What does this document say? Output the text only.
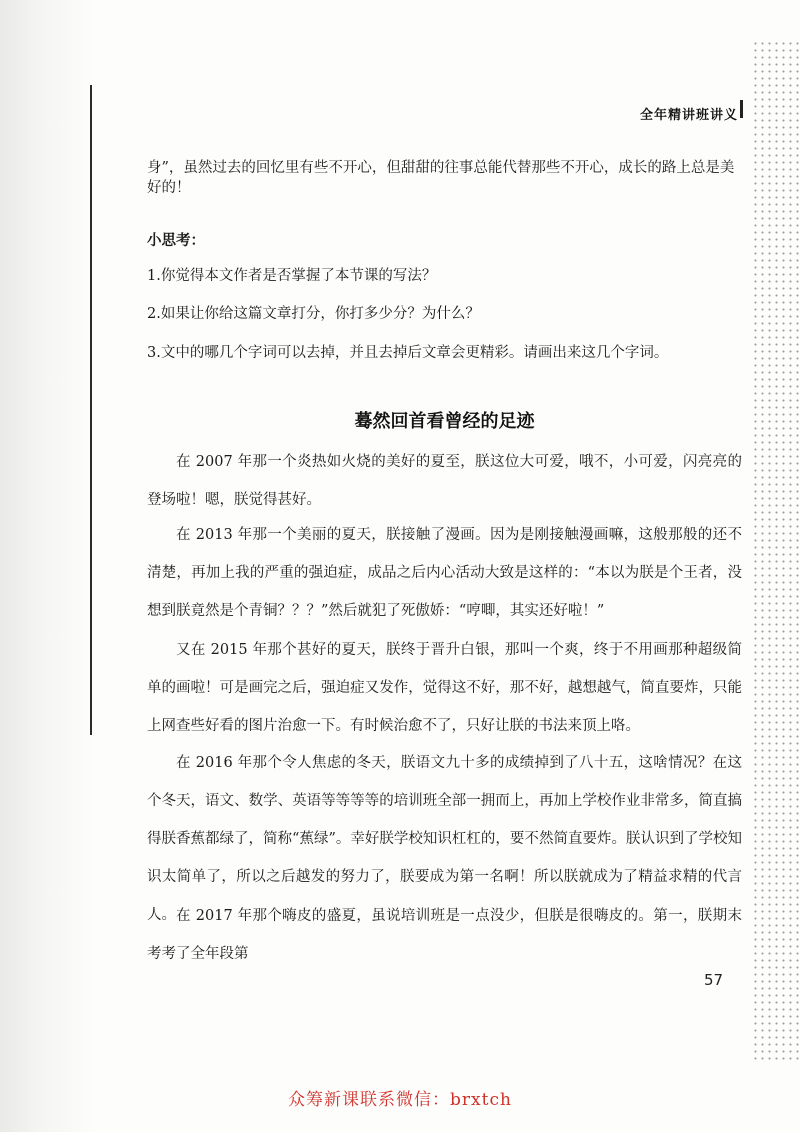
全年精讲班讲义

身”，虽然过去的回忆里有些不开心，但甜甜的往事总能代替那些不开心，成长的路上总是美好的！

小思考：

1.你觉得本文作者是否掌握了本节课的写法？

2.如果让你给这篇文章打分，你打多少分？为什么？

3.文中的哪几个字词可以去掉，并且去掉后文章会更精彩。请画出来这几个字词。

蓦然回首看曾经的足迹

在 2007 年那一个炎热如火烧的美好的夏至，朕这位大可爱，哦不，小可爱，闪亮亮的登场啦！嗯，朕觉得甚好。

在 2013 年那一个美丽的夏天，朕接触了漫画。因为是刚接触漫画嘛，这般那般的还不清楚，再加上我的严重的强迫症，成品之后内心活动大致是这样的：“本以为朕是个王者，没想到朕竟然是个青铜？？？”然后就犯了死傲娇：“哼唧，其实还好啦！”

又在 2015 年那个甚好的夏天，朕终于晋升白银，那叫一个爽，终于不用画那种超级简单的画啦！可是画完之后，强迫症又发作，觉得这不好，那不好，越想越气，简直要炸，只能上网查些好看的图片治愈一下。有时候治愈不了，只好让朕的书法来顶上咯。

在 2016 年那个令人焦虑的冬天，朕语文九十多的成绩掉到了八十五，这啥情况？在这个冬天，语文、数学、英语等等等等的培训班全部一拥而上，再加上学校作业非常多，简直搞得朕香蕉都绿了，简称“蕉绿”。幸好朕学校知识杠杠的，要不然简直要炸。朕认识到了学校知识太简单了，所以之后越发的努力了，朕要成为第一名啊！所以朕就成为了精益求精的代言人。 在 2017 年那个嗨皮的盛夏，虽说培训班是一点没少，但朕是很嗨皮的。第一，朕期末考考了全年段第

57
众筹新课联系微信：brxtch
